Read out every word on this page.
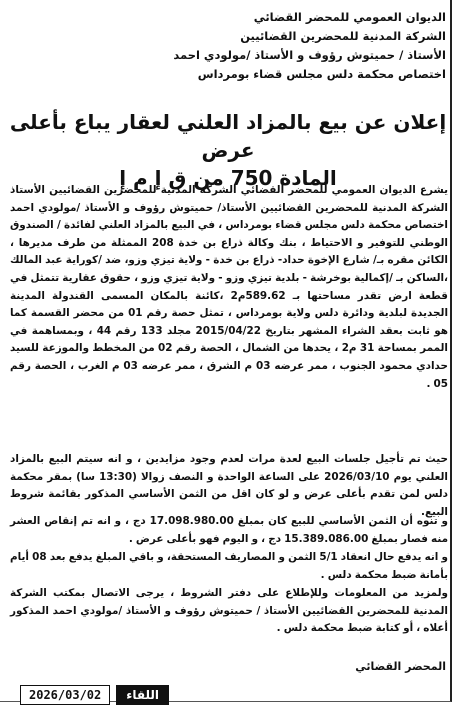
الديوان العمومي للمحضر القضائي
الشركة المدنية للمحضرين القضائيين
الأستاذ / حميتوش رؤوف و الأستاذ /مولودي احمد
اختصاص محكمة دلس مجلس قضاء بومرداس
إعلان عن بيع بالمزاد العلني لعقار يباع بأعلى عرض
المادة 750 من ق إ م إ
يشرع الديوان العمومي للمحضر القضائي الشركة المدنية للمحضرين القضائيين الأستاذ الشركة المدنية للمحضرين القضائيين الأستاذ/ حميتوش رؤوف و الأستاذ /مولودي احمد اختصاص محكمة دلس مجلس قضاء بومرداس ، في البيع بالمزاد العلني لفائدة / الصندوق الوطني للتوفير و الاحتياط ، بنك وكالة ذراع بن خدة 208 الممثلة من طرف مديرها ، الكائن مقره بـ/ شارع الإخوة حداد- ذراع بن خدة - ولاية تيزي وزو، ضد /كوراية عبد المالك ،الساكن بـ /إكمالية بوخرشة - بلدية تيزي وزو - ولاية تيزي وزو ، حقوق عقارية تتمثل في قطعة ارض تقدر مساحتها بـ 589.62م2 ،كائنة بالمكان المسمى القندولة المدينة الجديدة لبلدية ودائرة دلس ولاية بومرداس ، تمثل حصة رقم 01 من محضر القسمة كما هو ثابت بعقد الشراء المشهر بتاريخ 2015/04/22 مجلد 133 رقم 44 ، وبمساهمة في الممر بمساحة 31 م2 ، يحدها من الشمال ، الحصة رقم 02 من المخطط والموزعة للسيد حدادي محمود الجنوب ، ممر عرضه 03 م الشرق ، ممر عرضه 03 م الغرب ، الحصة رقم 05 .
حيث تم تأجيل جلسات البيع لعدة مرات لعدم وجود مزايدين ، و انه سيتم البيع بالمزاد العلني يوم 2026/03/10 على الساعة الواحدة و النصف زوالا (13:30 سا) بمقر محكمة دلس لمن تقدم بأعلى عرض و لو كان اقل من الثمن الأساسي المذكور بقائمة شروط البيع.
و تنوه أن الثمن الأساسي للبيع كان بمبلغ 17.098.980.00 دج ، و انه تم إنقاص العشر منه فصار بمبلغ 15.389.086.00 دج ، و اليوم فهو بأعلى عرض .
و انه يدفع حال انعقاد 5/1 الثمن و المصاريف المستحقة، و باقي المبلغ يدفع بعد 08 أيام بأمانة ضبط محكمة دلس .
ولمزيد من المعلومات وللإطلاع على دفتر الشروط ، يرجى الاتصال بمكتب الشركة المدنية للمحضرين القضائيين الأستاذ / حميتوش رؤوف و الأستاذ /مولودي احمد المذكور أعلاه ، أو كتابة ضبط محكمة دلس .
المحضر القضائي
2026/03/02	اللقاء
